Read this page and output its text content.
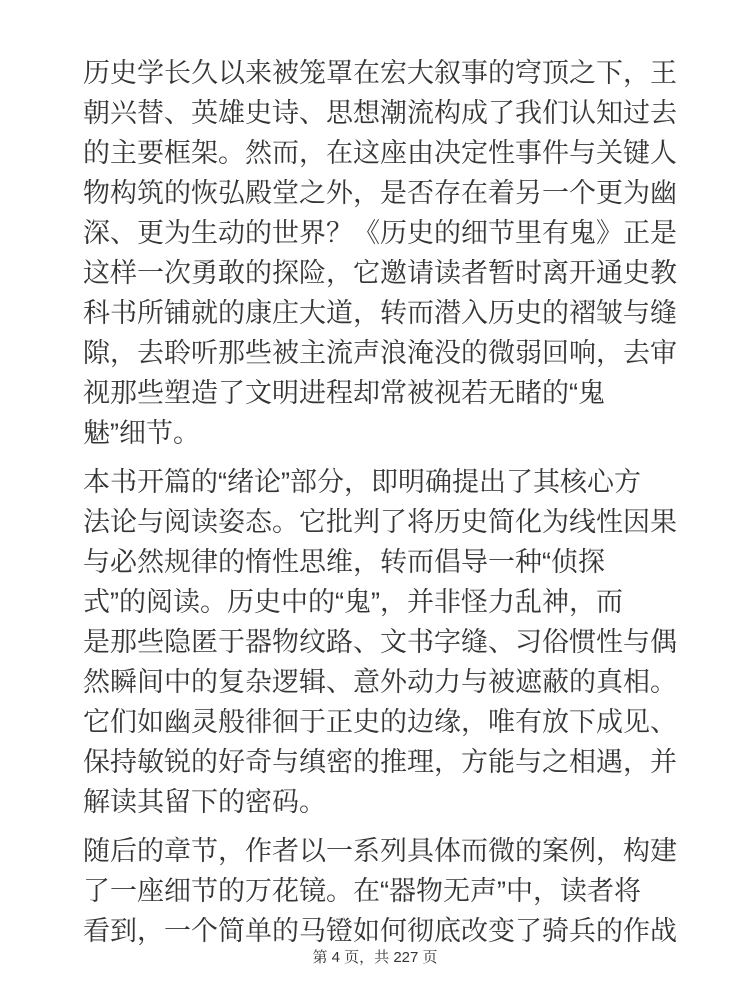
历史学长久以来被笼罩在宏大叙事的穹顶之下，王
朝兴替、英雄史诗、思想潮流构成了我们认知过去
的主要框架。然而，在这座由决定性事件与关键人
物构筑的恢弘殿堂之外，是否存在着另一个更为幽
深、更为生动的世界？《历史的细节里有鬼》正是
这样一次勇敢的探险，它邀请读者暂时离开通史教
科书所铺就的康庄大道，转而潜入历史的褶皱与缝
隙，去聆听那些被主流声浪淹没的微弱回响，去审
视那些塑造了文明进程却常被视若无睹的“鬼
魅”细节。

本书开篇的“绪论”部分，即明确提出了其核心方
法论与阅读姿态。它批判了将历史简化为线性因果
与必然规律的惰性思维，转而倡导一种“侦探
式”的阅读。历史中的“鬼”，并非怪力乱神，而
是那些隐匿于器物纹路、文书字缝、习俗惯性与偶
然瞬间中的复杂逻辑、意外动力与被遮蔽的真相。
它们如幽灵般徘徊于正史的边缘，唯有放下成见、
保持敏锐的好奇与缜密的推理，方能与之相遇，并
解读其留下的密码。

随后的章节，作者以一系列具体而微的案例，构建
了一座细节的万花镜。在“器物无声”中，读者将
看到，一个简单的马镫如何彻底改变了骑兵的作战

第 4 页，共 227 页
